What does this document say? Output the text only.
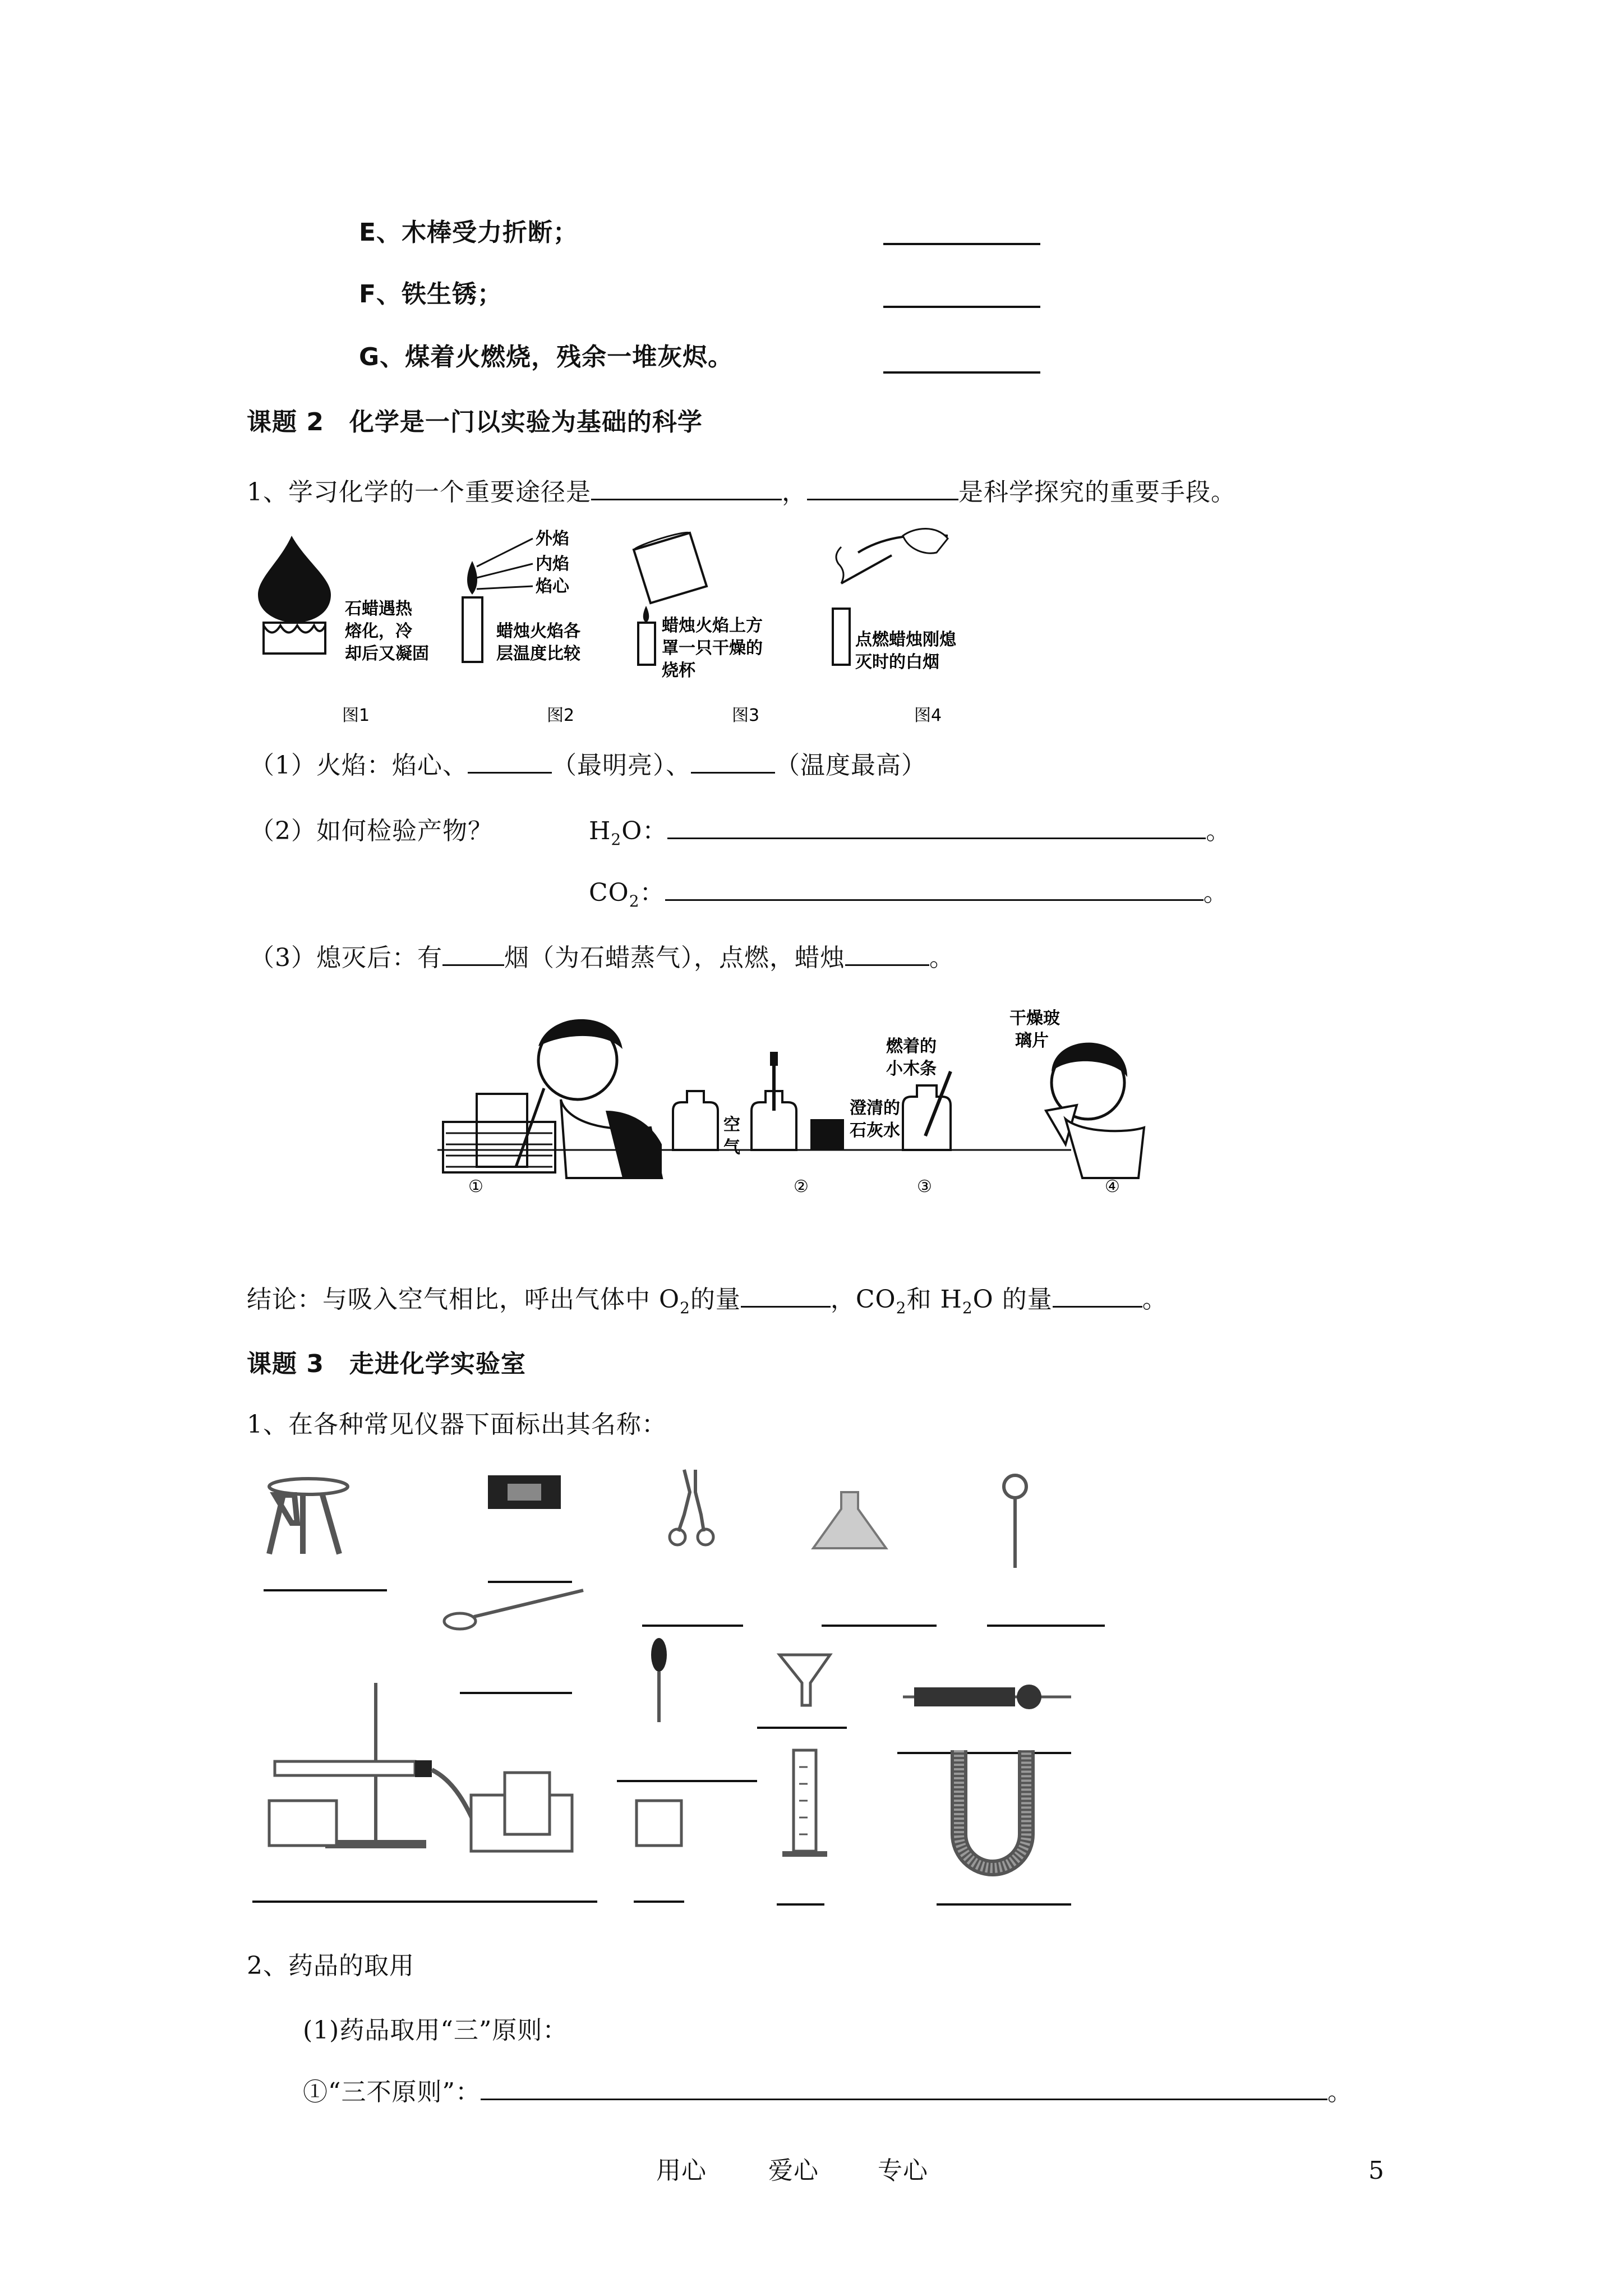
E、木棒受力折断；
F、铁生锈；
G、煤着火燃烧，残余一堆灰烬。
课题 2　化学是一门以实验为基础的科学
1、学习化学的一个重要途径是	，	是科学探究的重要手段。
石蜡遇热
熔化，冷
却后又凝固
外焰
内焰
焰心
蜡烛火焰各
层温度比较
蜡烛火焰上方
罩一只干燥的
烧杯
点燃蜡烛刚熄
灭时的白烟
图1	图2	图3	图4
（1）火焰：焰心、	（最明亮）、	（温度最高）
（2）如何检验产物？	$H_2O$：	。
$CO_2$：	。
（3）熄灭后：有	烟（为石蜡蒸气），点燃，蜡烛	。
空
气
澄清的
石灰水
燃着的
小木条
干燥玻
璃片
①	②	③	④
结论：与吸入空气相比，呼出气体中 $O_2$的量	，$CO_2$和 $H_2O$ 的量	。
课题 3　走进化学实验室
1、在各种常见仪器下面标出其名称：
2、药品的取用
(1)药品取用“三”原则：
①“三不原则”：	。
用心	爱心 专心	5
